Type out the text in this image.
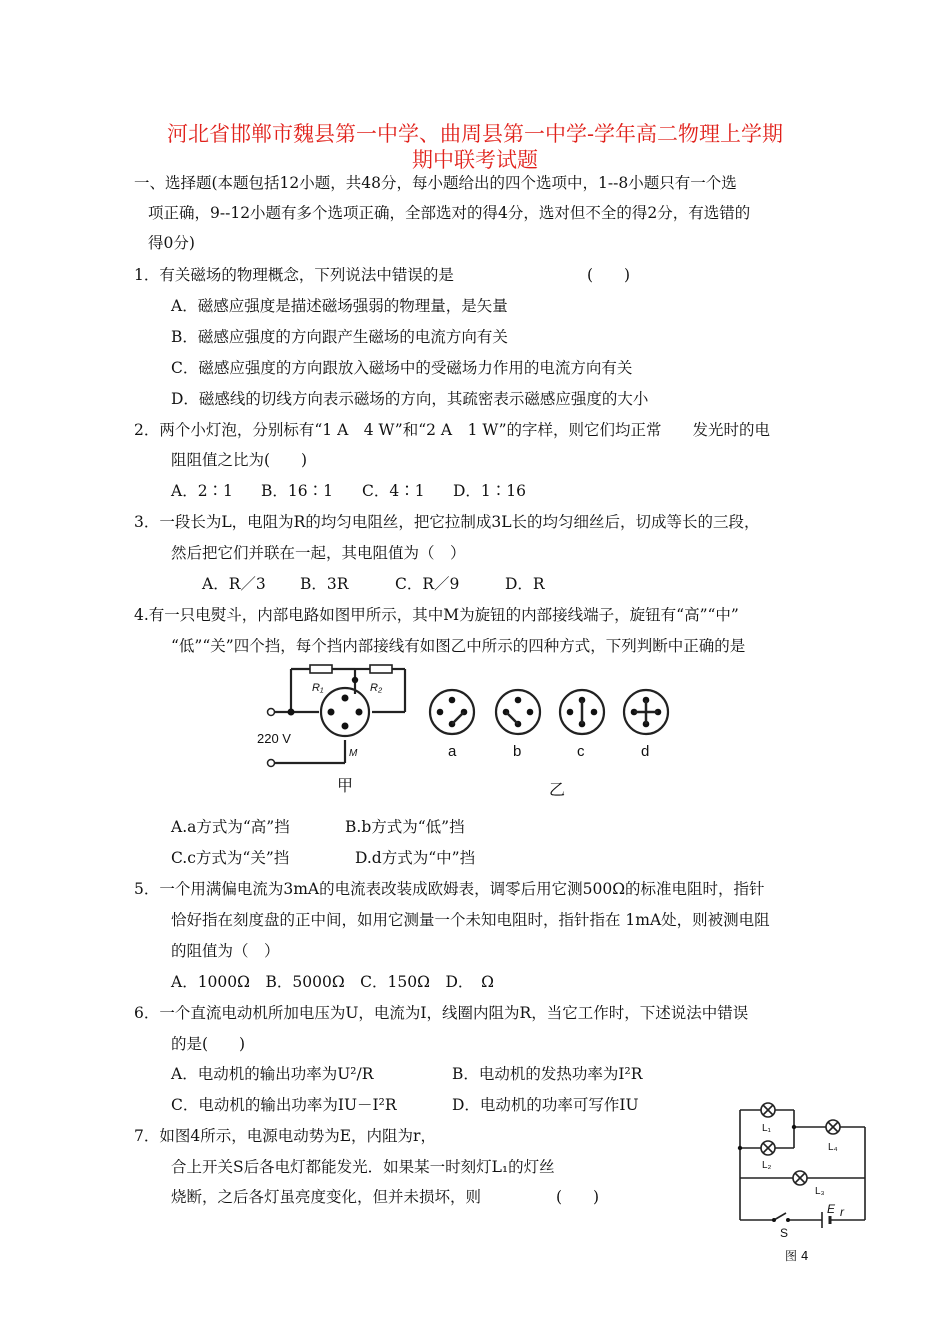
河北省邯郸市魏县第一中学、曲周县第一中学-学年高二物理上学期
期中联考试题
一、选择题(本题包括12小题，共48分，每小题给出的四个选项中，1--8小题只有一个选
项正确，9--12小题有多个选项正确，全部选对的得4分，选对但不全的得2分，有选错的
得0分)
1．有关磁场的物理概念，下列说法中错误的是	(　　)
A．磁感应强度是描述磁场强弱的物理量，是矢量
B．磁感应强度的方向跟产生磁场的电流方向有关
C．磁感应强度的方向跟放入磁场中的受磁场力作用的电流方向有关
D．磁感线的切线方向表示磁场的方向，其疏密表示磁感应强度的大小
2．两个小灯泡，分别标有“1 A　4 W”和“2 A　1 W”的字样，则它们均正常　　发光时的电
阻阻值之比为(　　)
A．2∶1 B．16∶1 C．4∶1 D．1∶16
3．一段长为L，电阻为R的均匀电阻丝，把它拉制成3L长的均匀细丝后，切成等长的三段，
然后把它们并联在一起，其电阻值为（　）
A．R／3 B．3R	C．R／9	D．R
4.有一只电熨斗，内部电路如图甲所示，其中M为旋钮的内部接线端子，旋钮有“高”“中”
“低”“关”四个挡，每个挡内部接线有如图乙中所示的四种方式，下列判断中正确的是
R₁	R₂
220 V
M
甲
a	b	c	d
乙
A.a方式为“高”挡	B.b方式为“低”挡
C.c方式为“关”挡	D.d方式为“中”挡
5．一个用满偏电流为3mA的电流表改装成欧姆表，调零后用它测500Ω的标准电阻时，指针
恰好指在刻度盘的正中间，如用它测量一个未知电阻时，指针指在 1mA处，则被测电阻
的阻值为（　）
A．1000Ω　B．5000Ω　C．150Ω　D．　Ω
6．一个直流电动机所加电压为U，电流为I，线圈内阻为R，当它工作时，下述说法中错误
的是(　　)
A．电动机的输出功率为U²/R	B．电动机的发热功率为I²R
C．电动机的输出功率为IU－I²R	D．电动机的功率可写作IU
7．如图4所示，电源电动势为E，内阻为r，
合上开关S后各电灯都能发光．如果某一时刻灯L₁的灯丝
烧断，之后各灯虽亮度变化，但并未损坏，则	(　　)
L₁
L₂
L₄
L₃
S
E r
图 4
